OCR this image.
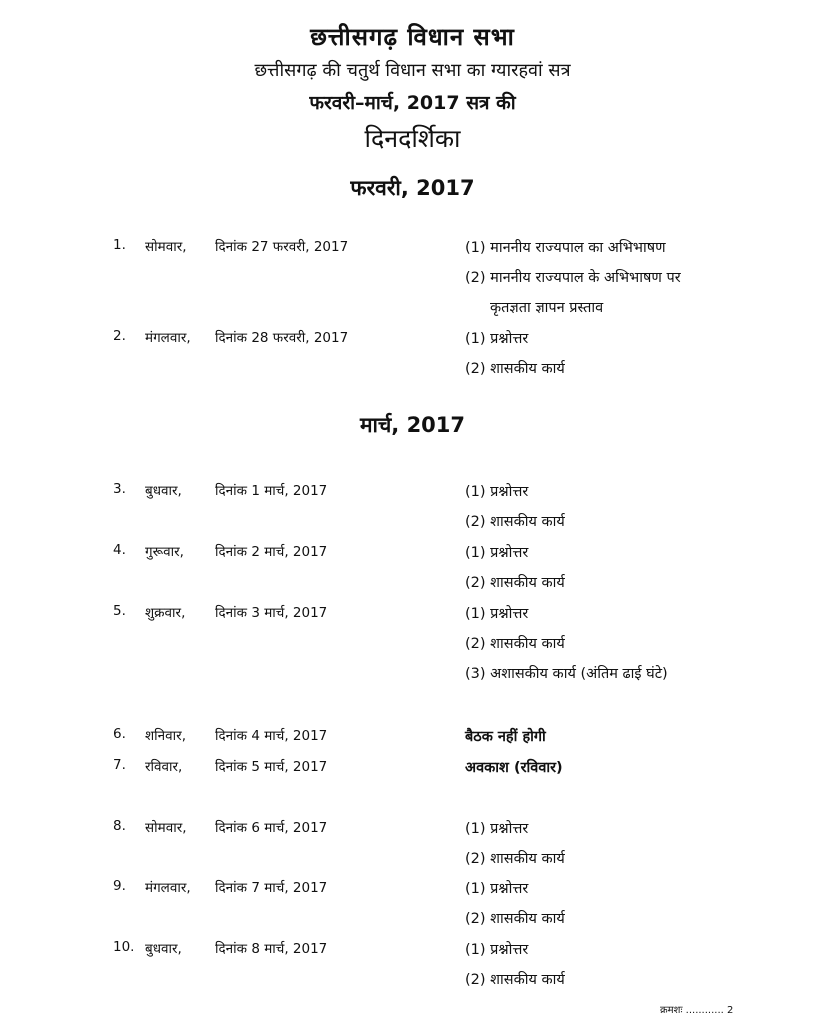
छत्तीसगढ़ विधान सभा
छत्तीसगढ़ की चतुर्थ विधान सभा का ग्यारहवां सत्र
फरवरी–मार्च, 2017 सत्र की
दिनदर्शिका
फरवरी, 2017
1. सोमवार, दिनांक 27 फरवरी, 2017	(1) माननीय राज्यपाल का अभिभाषण
(2) माननीय राज्यपाल के अभिभाषण पर
कृतज्ञता ज्ञापन प्रस्ताव
2. मंगलवार, दिनांक 28 फरवरी, 2017	(1) प्रश्नोत्तर
(2) शासकीय कार्य
मार्च, 2017
3. बुधवार, दिनांक 1 मार्च, 2017	(1) प्रश्नोत्तर
(2) शासकीय कार्य
4. गुरूवार, दिनांक 2 मार्च, 2017	(1) प्रश्नोत्तर
(2) शासकीय कार्य
5. शुक्रवार, दिनांक 3 मार्च, 2017	(1) प्रश्नोत्तर
(2) शासकीय कार्य
(3) अशासकीय कार्य (अंतिम ढाई घंटे)
6. शनिवार, दिनांक 4 मार्च, 2017	बैठक नहीं होगी
7. रविवार, दिनांक 5 मार्च, 2017	अवकाश (रविवार)
8. सोमवार, दिनांक 6 मार्च, 2017	(1) प्रश्नोत्तर
(2) शासकीय कार्य
9. मंगलवार, दिनांक 7 मार्च, 2017	(1) प्रश्नोत्तर
(2) शासकीय कार्य
10. बुधवार, दिनांक 8 मार्च, 2017	(1) प्रश्नोत्तर
(2) शासकीय कार्य
क्रमशः ............ 2
